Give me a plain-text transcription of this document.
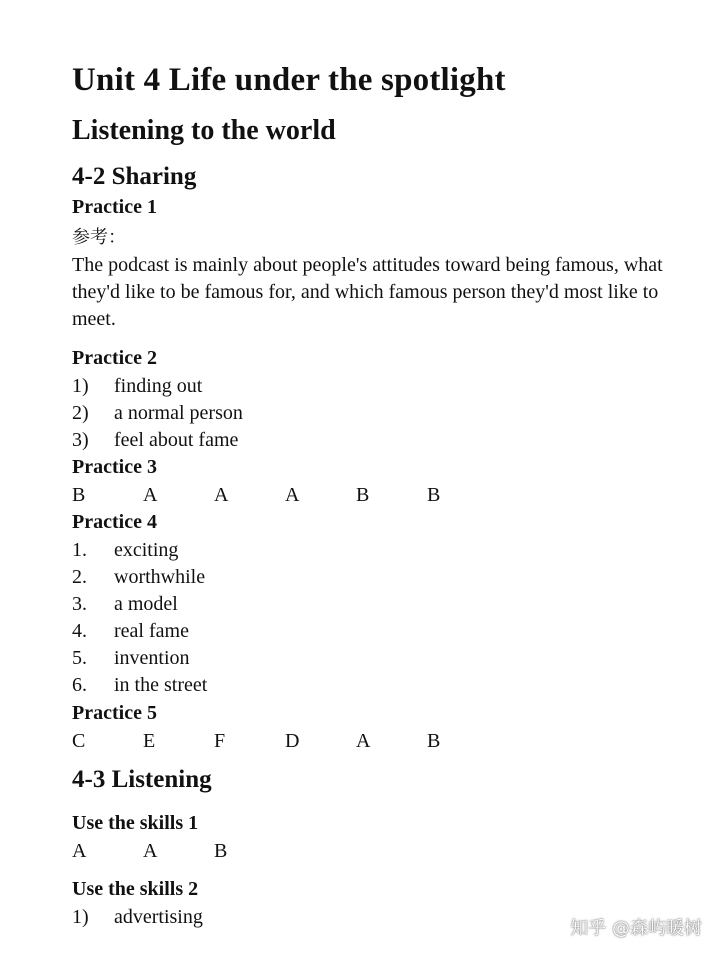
Unit 4 Life under the spotlight
Listening to the world
4-2 Sharing
Practice 1
参考：
The podcast is mainly about people's attitudes toward being famous, what they'd like to be famous for, and which famous person they'd most like to meet.
Practice 2
1) finding out
2) a normal person
3) feel about fame
Practice 3
B	A	A	A	B	B
Practice 4
1. exciting
2. worthwhile
3. a model
4. real fame
5. invention
6. in the street
Practice 5
C	E	F	D	A	B
4-3 Listening
Use the skills 1
A	A	B
Use the skills 2
1) advertising
知乎 @森屿暖树
